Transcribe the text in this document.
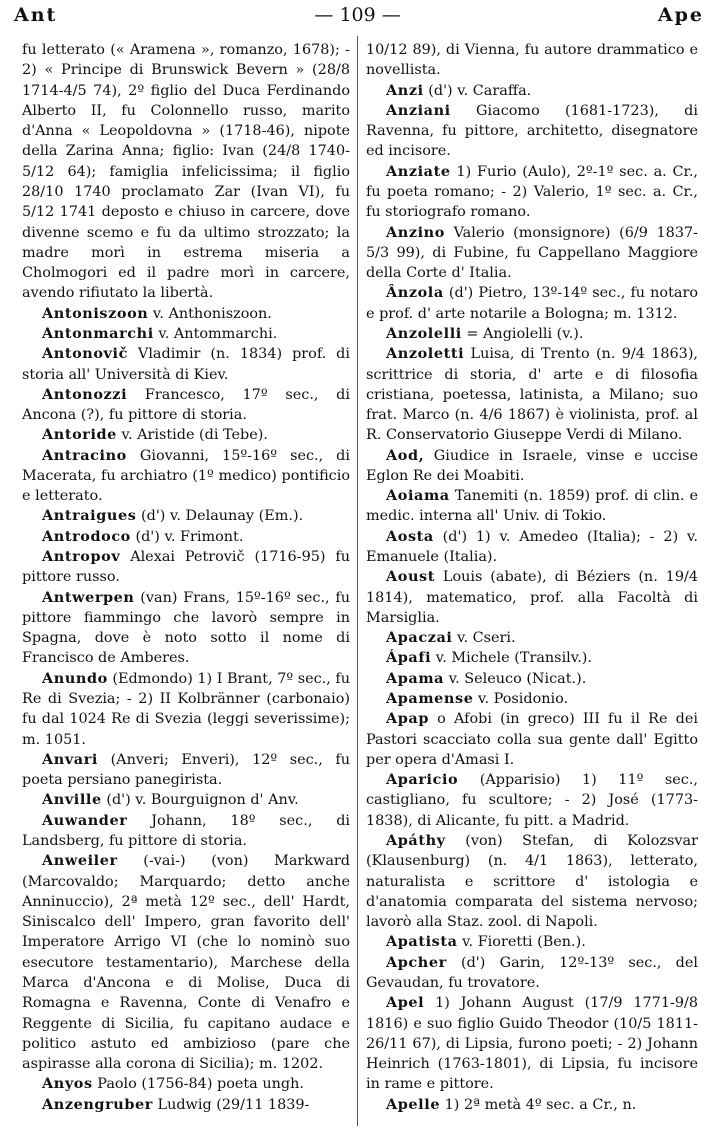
Ant	— 109 —	Ape

fu letterato (« Aramena », romanzo, 1678); - 2) « Principe di Brunswick Bevern » (28/8 1714-4/5 74), 2º figlio del Duca Ferdinando Alberto II, fu Colonnello russo, marito d'Anna « Leopoldovna » (1718-46), nipote della Zarina Anna; figlio: Ivan (24/8 1740-5/12 64); famiglia infelicissima; il figlio 28/10 1740 proclamato Zar (Ivan VI), fu 5/12 1741 deposto e chiuso in carcere, dove divenne scemo e fu da ultimo strozzato; la madre morì in estrema miseria a Cholmogori ed il padre morì in carcere, avendo rifiutato la libertà.

Antoniszoon v. Anthoniszoon.

Antonmarchi v. Antommarchi.

Antonovič Vladimir (n. 1834) prof. di storia all' Università di Kiev.

Antonozzi Francesco, 17º sec., di Ancona (?), fu pittore di storia.

Antoride v. Aristide (di Tebe).

Antracino Giovanni, 15º-16º sec., di Macerata, fu archiatro (1º medico) pontificio e letterato.

Antraigues (d') v. Delaunay (Em.).

Antrodoco (d') v. Frimont.

Antropov Alexai Petrovič (1716-95) fu pittore russo.

Antwerpen (van) Frans, 15º-16º sec., fu pittore fiammingo che lavorò sempre in Spagna, dove è noto sotto il nome di Francisco de Amberes.

Anundo (Edmondo) 1) I Brant, 7º sec., fu Re di Svezia; - 2) II Kolbränner (carbonaio) fu dal 1024 Re di Svezia (leggi severissime); m. 1051.

Anvari (Anveri; Enveri), 12º sec., fu poeta persiano panegirista.

Anville (d') v. Bourguignon d' Anv.

Auwander Johann, 18º sec., di Landsberg, fu pittore di storia.

Anweiler (-vai-) (von) Markward (Marcovaldo; Marquardo; detto anche Anninuccio), 2ª metà 12º sec., dell' Hardt, Siniscalco dell' Impero, gran favorito dell' Imperatore Arrigo VI (che lo nominò suo esecutore testamentario), Marchese della Marca d'Ancona e di Molise, Duca di Romagna e Ravenna, Conte di Venafro e Reggente di Sicilia, fu capitano audace e politico astuto ed ambizioso (pare che aspirasse alla corona di Sicilia); m. 1202.

Anyos Paolo (1756-84) poeta ungh.

Anzengruber Ludwig (29/11 1839-

10/12 89), di Vienna, fu autore drammatico e novellista.

Anzi (d') v. Caraffa.

Anziani Giacomo (1681-1723), di Ravenna, fu pittore, architetto, disegnatore ed incisore.

Anziate 1) Furio (Aulo), 2º-1º sec. a. Cr., fu poeta romano; - 2) Valerio, 1º sec. a. Cr., fu storiografo romano.

Anzino Valerio (monsignore) (6/9 1837-5/3 99), di Fubine, fu Cappellano Maggiore della Corte d' Italia.

Ânzola (d') Pietro, 13º-14º sec., fu notaro e prof. d' arte notarile a Bologna; m. 1312.

Anzolelli = Angiolelli (v.).

Anzoletti Luisa, di Trento (n. 9/4 1863), scrittrice di storia, d' arte e di filosofia cristiana, poetessa, latinista, a Milano; suo frat. Marco (n. 4/6 1867) è violinista, prof. al R. Conservatorio Giuseppe Verdi di Milano.

Aod, Giudice in Israele, vinse e uccise Eglon Re dei Moabiti.

Aoiama Tanemiti (n. 1859) prof. di clin. e medic. interna all' Univ. di Tokio.

Aosta (d') 1) v. Amedeo (Italia); - 2) v. Emanuele (Italia).

Aoust Louis (abate), di Béziers (n. 19/4 1814), matematico, prof. alla Facoltà di Marsiglia.

Apaczai v. Cseri.

Ápafi v. Michele (Transilv.).

Apama v. Seleuco (Nicat.).

Apamense v. Posidonio.

Apap o Afobi (in greco) III fu il Re dei Pastori scacciato colla sua gente dall' Egitto per opera d'Amasi I.

Aparicio (Apparisio) 1) 11º sec., castigliano, fu scultore; - 2) José (1773-1838), di Alicante, fu pitt. a Madrid.

Apáthy (von) Stefan, di Kolozsvar (Klausenburg) (n. 4/1 1863), letterato, naturalista e scrittore d' istologia e d'anatomia comparata del sistema nervoso; lavorò alla Staz. zool. di Napoli.

Apatista v. Fioretti (Ben.).

Apcher (d') Garin, 12º-13º sec., del Gevaudan, fu trovatore.

Apel 1) Johann August (17/9 1771-9/8 1816) e suo figlio Guido Theodor (10/5 1811-26/11 67), di Lipsia, furono poeti; - 2) Johann Heinrich (1763-1801), di Lipsia, fu incisore in rame e pittore.

Apelle 1) 2ª metà 4º sec. a Cr., n.
